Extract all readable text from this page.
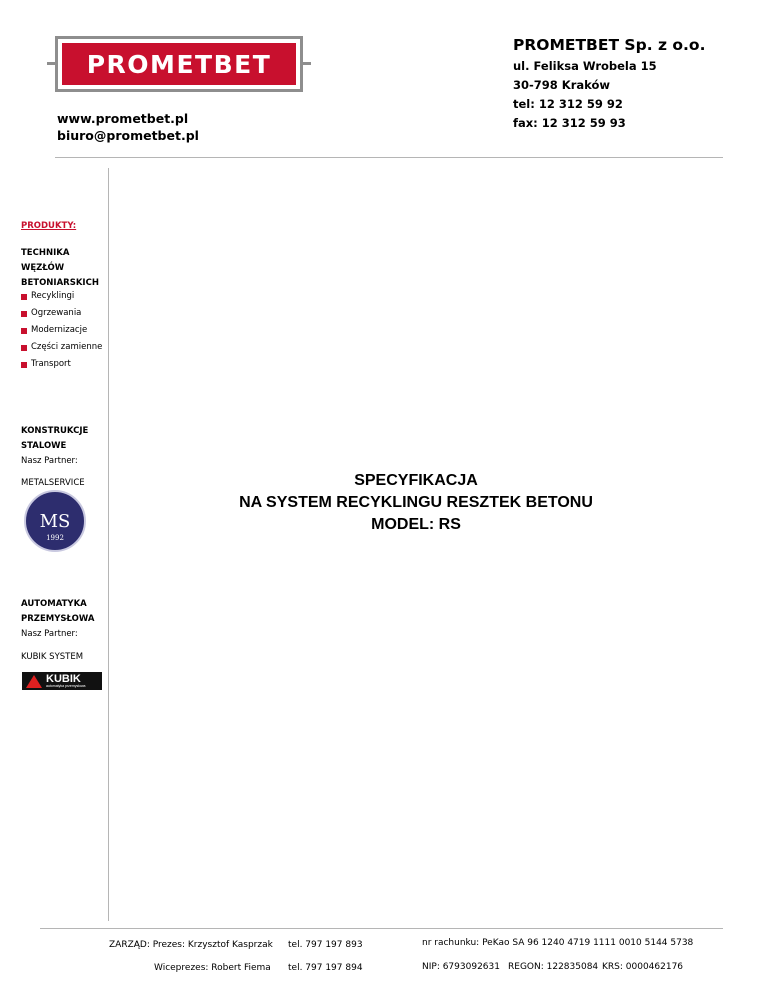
PROMETBET
www.prometbet.pl
biuro@prometbet.pl
PROMETBET Sp. z o.o.
ul. Feliksa Wrobela 15
30-798 Kraków
tel: 12 312 59 92
fax: 12 312 59 93
PRODUKTY:
TECHNIKA
WĘZŁÓW
BETONIARSKICH
Recyklingi
Ogrzewania
Modernizacje
Części zamienne
Transport
KONSTRUKCJE
STALOWE
Nasz Partner:
METALSERVICE
MS
1992
AUTOMATYKA
PRZEMYSŁOWA
Nasz Partner:
KUBIK SYSTEM
KUBIK
automatyka przemysłowa
SPECYFIKACJA
NA SYSTEM RECYKLINGU RESZTEK BETONU
MODEL: RS
ZARZĄD: Prezes: Krzysztof Kasprzak tel. 797 197 893	nr rachunku: PeKao SA 96 1240 4719 1111 0010 5144 5738
Wiceprezes: Robert Fiema tel. 797 197 894	NIP: 6793092631 REGON: 122835084 KRS: 0000462176
